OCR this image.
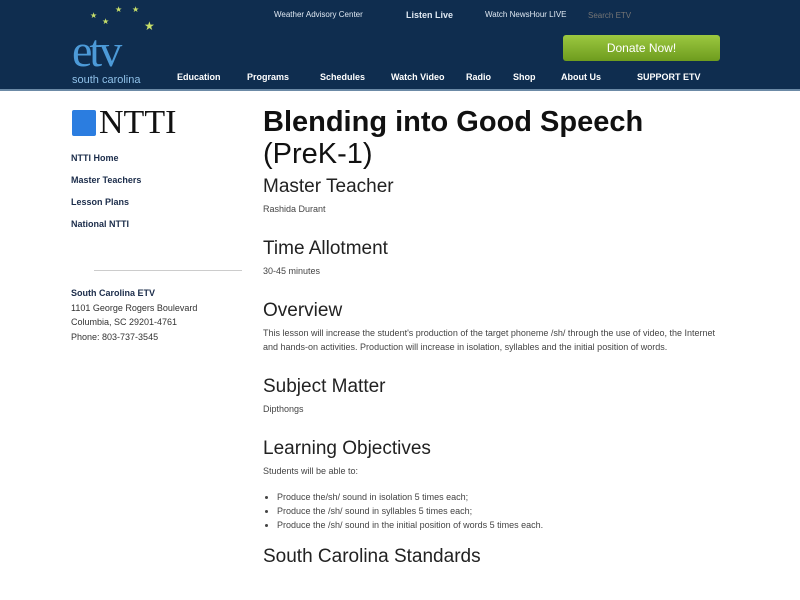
★ ★
★	★
★
etv
south carolina
Weather Advisory Center	Listen Live	Watch NewsHour LIVE
Search ETV
Donate Now!
Education	Programs	Schedules	Watch Video Radio Shop	About Us	SUPPORT ETV
NTTI
NTTI Home
Master Teachers
Lesson Plans
National NTTI
South Carolina ETV
1101 George Rogers Boulevard
Columbia, SC 29201-4761
Phone: 803-737-3545
Blending into Good Speech
(PreK-1)
Master Teacher

Rashida Durant

Time Allotment

30-45 minutes

Overview

This lesson will increase the student's production of the target phoneme /sh/ through the use of video, the Internet and hands-on activities. Production will increase in isolation, syllables and the initial position of words.

Subject Matter

Dipthongs

Learning Objectives

Students will be able to:

• Produce the/sh/ sound in isolation 5 times each;
• Produce the /sh/ sound in syllables 5 times each;
• Produce the /sh/ sound in the initial position of words 5 times each.
South Carolina Standards
